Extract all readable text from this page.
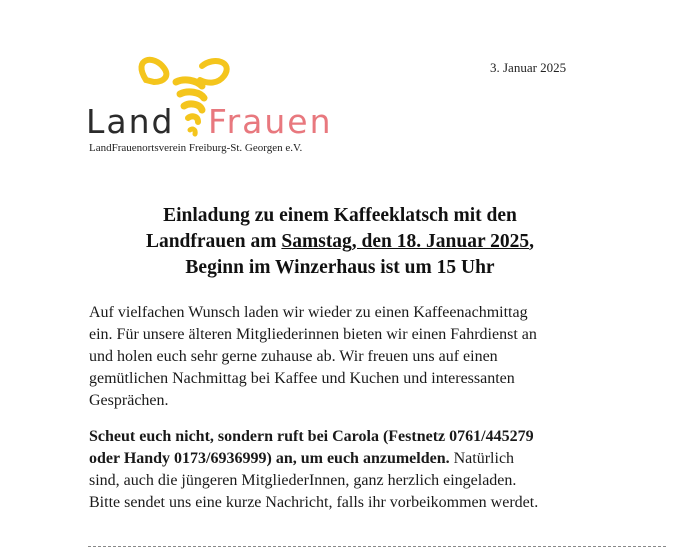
Land Frauen
LandFrauenortsverein Freiburg-St. Georgen e.V.
3. Januar 2025
Einladung zu einem Kaffeeklatsch mit den
Landfrauen am Samstag, den 18. Januar 2025,
Beginn im Winzerhaus ist um 15 Uhr
Auf vielfachen Wunsch laden wir wieder zu einen Kaffeenachmittag
ein. Für unsere älteren Mitgliederinnen bieten wir einen Fahrdienst an
und holen euch sehr gerne zuhause ab. Wir freuen uns auf einen
gemütlichen Nachmittag bei Kaffee und Kuchen und interessanten
Gesprächen.
Scheut euch nicht, sondern ruft bei Carola (Festnetz 0761/445279
oder Handy 0173/6936999) an, um euch anzumelden. Natürlich
sind, auch die jüngeren MitgliederInnen, ganz herzlich eingeladen.
Bitte sendet uns eine kurze Nachricht, falls ihr vorbeikommen werdet.
